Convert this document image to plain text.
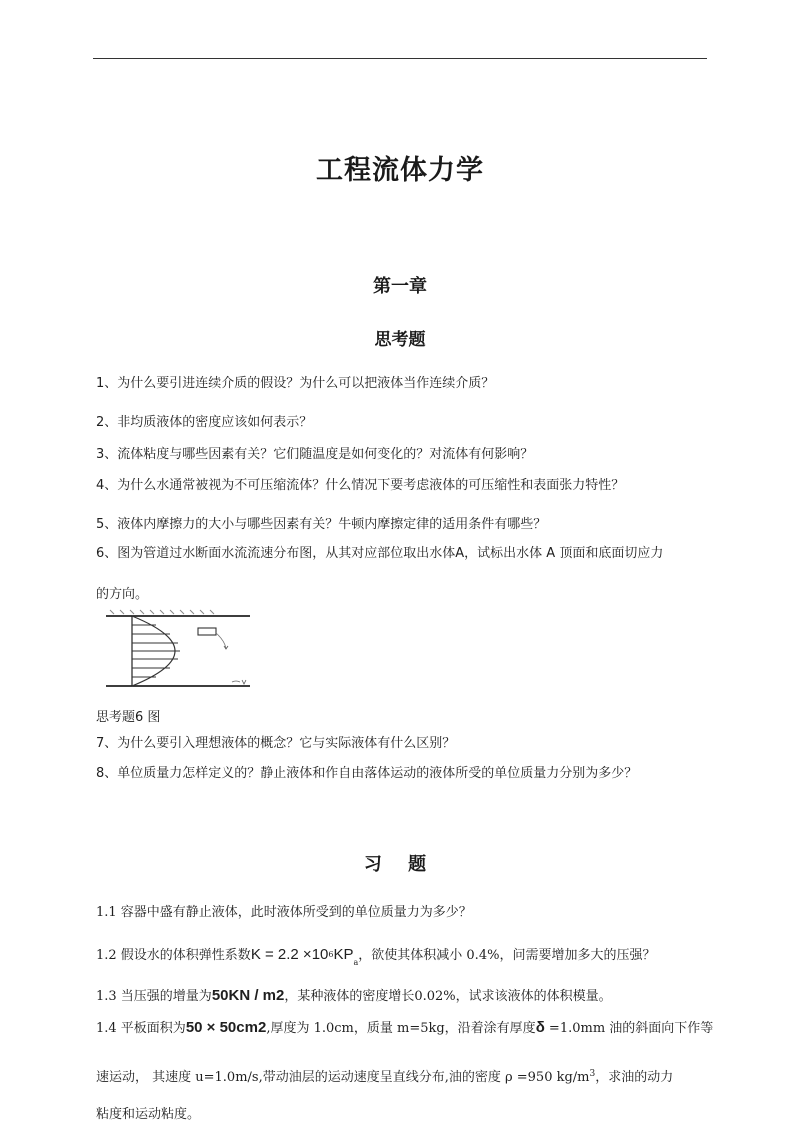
工程流体力学
第一章
思考题
1、为什么要引进连续介质的假设？为什么可以把液体当作连续介质？
2、非均质液体的密度应该如何表示？
3、流体粘度与哪些因素有关？它们随温度是如何变化的？对流体有何影响？
4、为什么水通常被视为不可压缩流体？什么情况下要考虑液体的可压缩性和表面张力特性？
5、液体内摩擦力的大小与哪些因素有关？牛顿内摩擦定律的适用条件有哪些？
6、图为管道过水断面水流流速分布图，从其对应部位取出水体A，试标出水体 A 顶面和底面切应力
的方向。
思考题6 图
7、为什么要引入理想液体的概念？它与实际液体有什么区别？
8、单位质量力怎样定义的？静止液体和作自由落体运动的液体所受的单位质量力分别为多少？
习 题
1.1 容器中盛有静止液体，此时液体所受到的单位质量力为多少？
1.2 假设水的体积弹性系数$K = 2.2 \times 10^6KP_a$，欲使其体积减小 0.4%，问需要增加多大的压强？
1.3 当压强的增量为50KN / m2，某种液体的密度增长0.02%，试求该液体的体积模量。
1.4 平板面积为50 × 50cm2,厚度为 1.0cm，质量 m=5kg，沿着涂有厚度δ =1.0mm 油的斜面向下作等
速运动， 其速度 u=1.0m/s,带动油层的运动速度呈直线分布,油的密度 ρ =950 $kg/m^3$，求油的动力
粘度和运动粘度。
